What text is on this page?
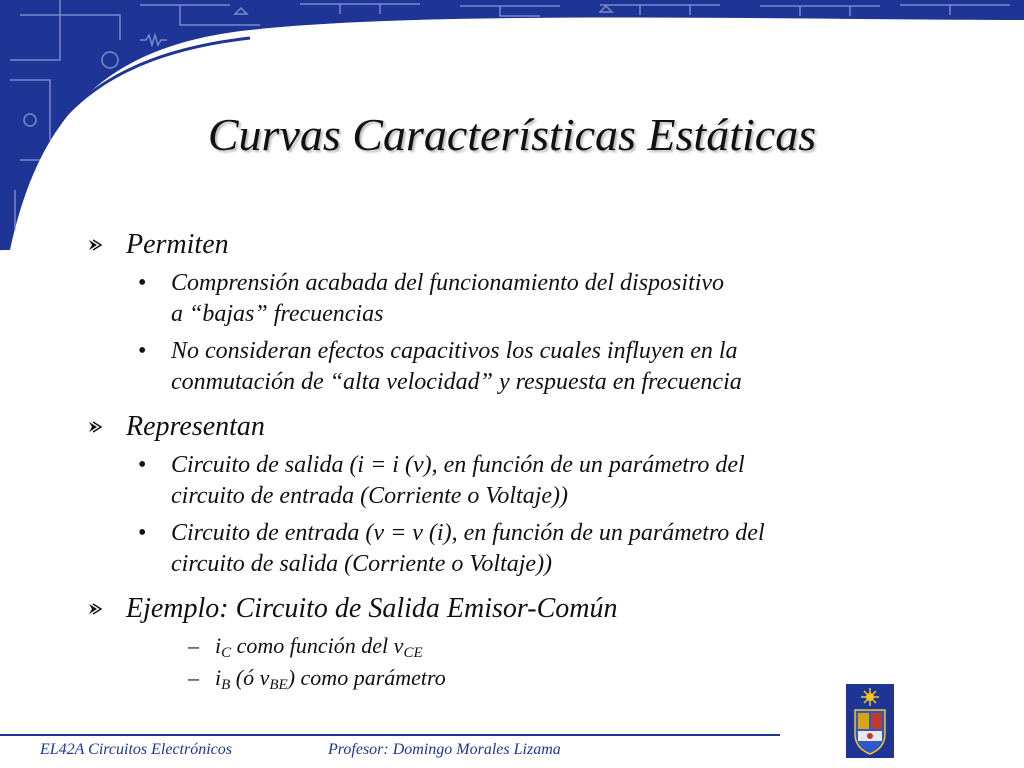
Curvas Características Estáticas
Permiten
• Comprensión acabada del funcionamiento del dispositivo
a “bajas” frecuencias
• No consideran efectos capacitivos los cuales influyen en la
conmutación de “alta velocidad” y respuesta en frecuencia
Representan
• Circuito de salida (i = i (v), en función de un parámetro del
circuito de entrada (Corriente o Voltaje))
• Circuito de entrada (v = v (i), en función de un parámetro del
circuito de salida (Corriente o Voltaje))
Ejemplo: Circuito de Salida Emisor-Común
– $i_C$ como función del $v_{CE}$
– $i_B$ (ó $v_{BE}$) como parámetro
EL42A Circuitos Electrónicos	Profesor: Domingo Morales Lizama
